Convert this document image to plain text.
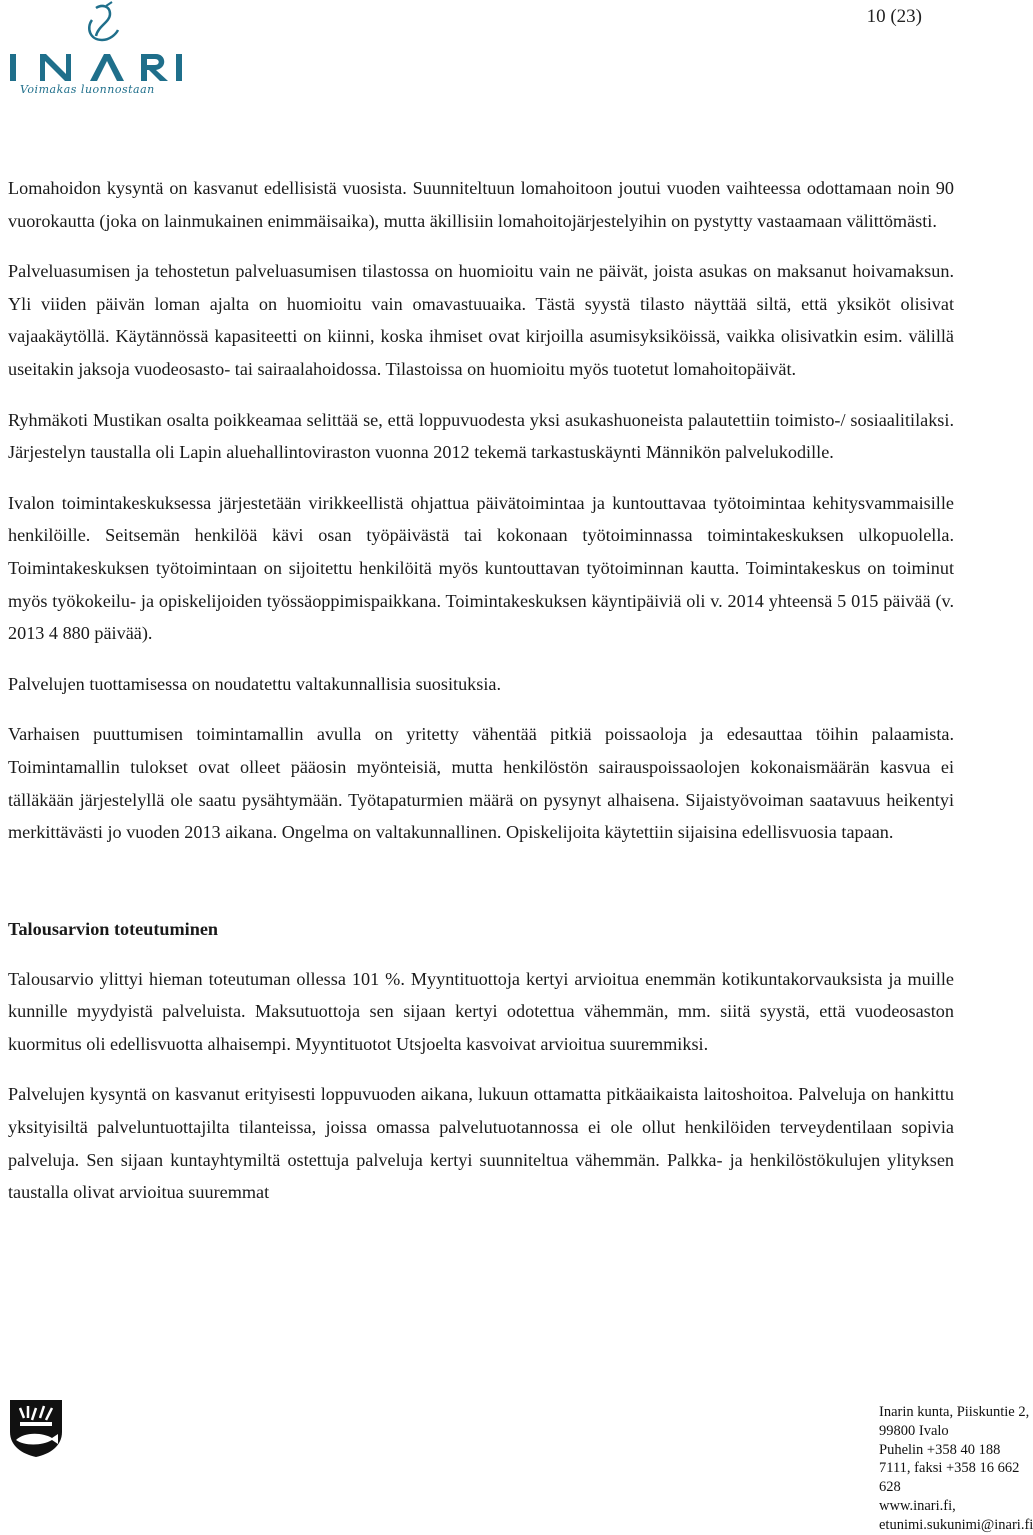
Voimakas luonnostaan
10 (23)

Lomahoidon kysyntä on kasvanut edellisistä vuosista. Suunniteltuun lomahoitoon joutui vuoden vaihteessa odottamaan noin 90 vuorokautta (joka on lainmukainen enimmäisaika), mutta äkillisiin lomahoitojärjestelyihin on pystytty vastaamaan välittömästi.

Palveluasumisen ja tehostetun palveluasumisen tilastossa on huomioitu vain ne päivät, joista asukas on maksanut hoivamaksun. Yli viiden päivän loman ajalta on huomioitu vain omavastuuaika. Tästä syystä tilasto näyttää siltä, että yksiköt olisivat vajaakäytöllä. Käytännössä kapasiteetti on kiinni, koska ihmiset ovat kirjoilla asumisyksiköissä, vaikka olisivatkin esim. välillä useitakin jaksoja vuodeosasto- tai sairaalahoidossa. Tilastoissa on huomioitu myös tuotetut lomahoitopäivät.

Ryhmäkoti Mustikan osalta poikkeamaa selittää se, että loppuvuodesta yksi asukashuoneista palautettiin toimisto-/ sosiaalitilaksi. Järjestelyn taustalla oli Lapin aluehallintoviraston vuonna 2012 tekemä tarkastuskäynti Männikön palvelukodille.

Ivalon toimintakeskuksessa järjestetään virikkeellistä ohjattua päivätoimintaa ja kuntouttavaa työtoimintaa kehitysvammaisille henkilöille. Seitsemän henkilöä kävi osan työpäivästä tai kokonaan työtoiminnassa toimintakeskuksen ulkopuolella. Toimintakeskuksen työtoimintaan on sijoitettu henkilöitä myös kuntouttavan työtoiminnan kautta. Toimintakeskus on toiminut myös työkokeilu- ja opiskelijoiden työssäoppimispaikkana. Toimintakeskuksen käyntipäiviä oli v. 2014 yhteensä 5 015 päivää (v. 2013 4 880 päivää).

Palvelujen tuottamisessa on noudatettu valtakunnallisia suosituksia.

Varhaisen puuttumisen toimintamallin avulla on yritetty vähentää pitkiä poissaoloja ja edesauttaa töihin palaamista. Toimintamallin tulokset ovat olleet pääosin myönteisiä, mutta henkilöstön sairauspoissaolojen kokonaismäärän kasvua ei tälläkään järjestelyllä ole saatu pysähtymään. Työtapaturmien määrä on pysynyt alhaisena. Sijaistyövoiman saatavuus heikentyi merkittävästi jo vuoden 2013 aikana. Ongelma on valtakunnallinen. Opiskelijoita käytettiin sijaisina edellisvuosia tapaan.

Talousarvion toteutuminen

Talousarvio ylittyi hieman toteutuman ollessa 101 %. Myyntituottoja kertyi arvioitua enemmän kotikuntakorvauksista ja muille kunnille myydyistä palveluista. Maksutuottoja sen sijaan kertyi odotettua vähemmän, mm. siitä syystä, että vuodeosaston kuormitus oli edellisvuotta alhaisempi. Myyntituotot Utsjoelta kasvoivat arvioitua suuremmiksi.

Palvelujen kysyntä on kasvanut erityisesti loppuvuoden aikana, lukuun ottamatta pitkäaikaista laitoshoitoa. Palveluja on hankittu yksityisiltä palveluntuottajilta tilanteissa, joissa omassa palvelutuotannossa ei ole ollut henkilöiden terveydentilaan sopivia palveluja. Sen sijaan kuntayhtymiltä ostettuja palveluja kertyi suunniteltua vähemmän. Palkka- ja henkilöstökulujen ylityksen taustalla olivat arvioitua suuremmat

Inarin kunta, Piiskuntie 2, 99800 Ivalo
Puhelin +358 40 188 7111, faksi +358 16 662 628
www.inari.fi, etunimi.sukunimi@inari.fi
